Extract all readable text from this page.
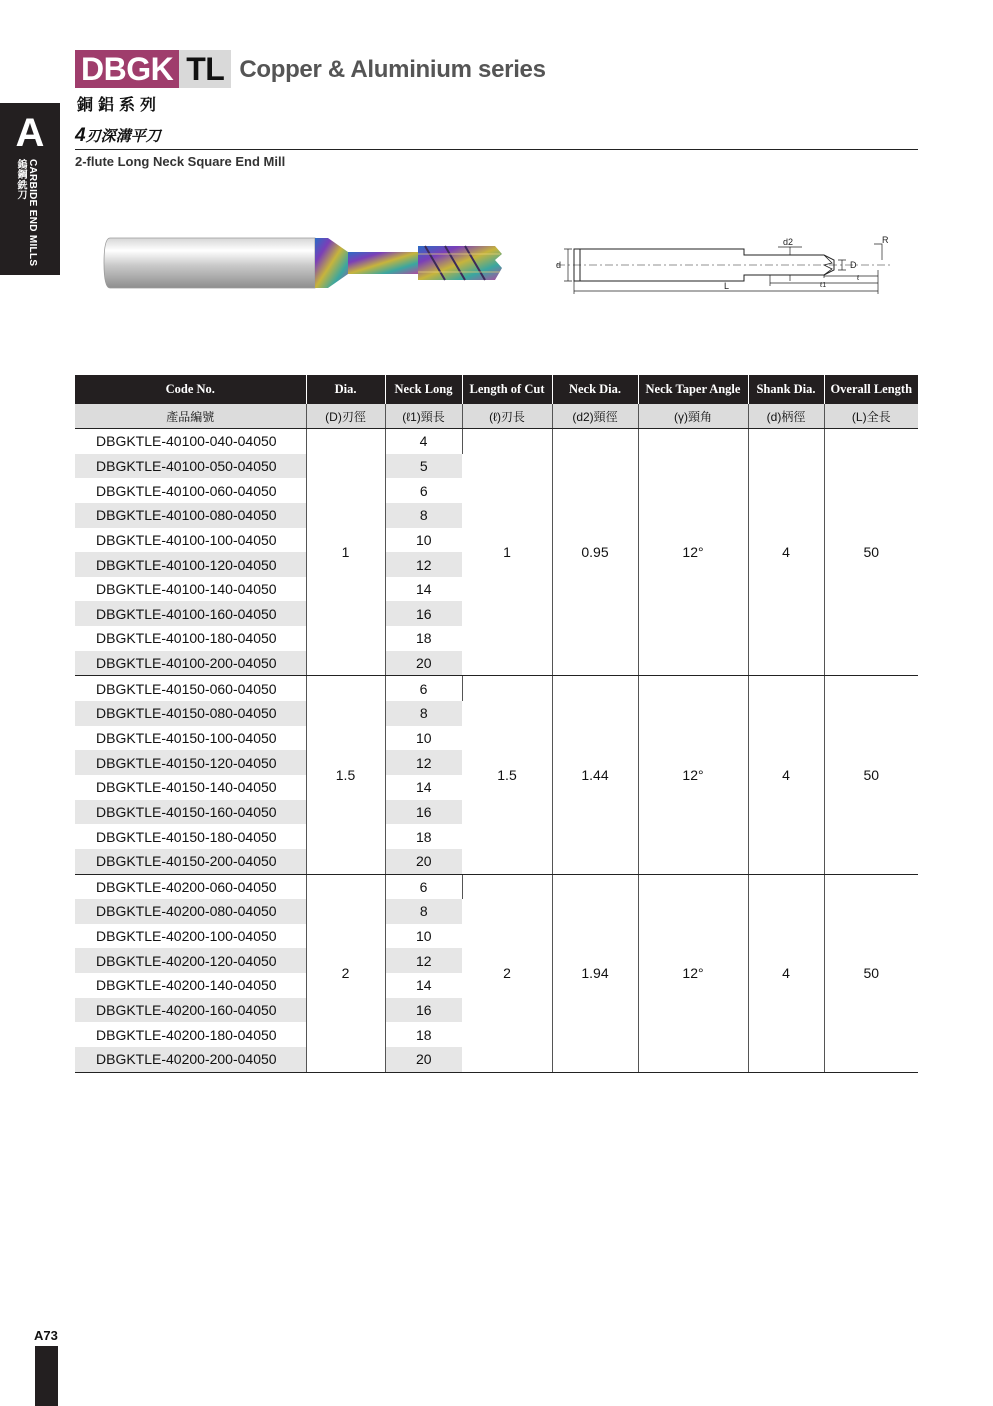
A
CARBIDE END MILLS
鎢鋼銑刀
DBGK TL Copper & Aluminium series
銅鋁系列
4刃深溝平刀
2-flute Long Neck Square End Mill
d
d2	R
D
L	ℓ1
ℓ
Code No.	Dia.	Neck Long	Length of Cut	Neck Dia.	Neck Taper Angle	Shank Dia.	Overall Length
產品編號	(D)刃徑	(ℓ1)頸長	(ℓ)刃長	(d2)頸徑	(γ)頸角	(d)柄徑	(L)全長
DBGKTLE-40100-040-04050	1	4	1	0.95	12°	4	50
DBGKTLE-40100-050-04050		5					
DBGKTLE-40100-060-04050		6					
DBGKTLE-40100-080-04050		8					
DBGKTLE-40100-100-04050		10					
DBGKTLE-40100-120-04050		12					
DBGKTLE-40100-140-04050		14					
DBGKTLE-40100-160-04050		16					
DBGKTLE-40100-180-04050		18					
DBGKTLE-40100-200-04050		20					
DBGKTLE-40150-060-04050	1.5	6	1.5	1.44	12°	4	50
DBGKTLE-40150-080-04050		8					
DBGKTLE-40150-100-04050		10					
DBGKTLE-40150-120-04050		12					
DBGKTLE-40150-140-04050		14					
DBGKTLE-40150-160-04050		16					
DBGKTLE-40150-180-04050		18					
DBGKTLE-40150-200-04050		20					
DBGKTLE-40200-060-04050	2	6	2	1.94	12°	4	50
DBGKTLE-40200-080-04050		8					
DBGKTLE-40200-100-04050		10					
DBGKTLE-40200-120-04050		12					
DBGKTLE-40200-140-04050		14					
DBGKTLE-40200-160-04050		16					
DBGKTLE-40200-180-04050		18					
DBGKTLE-40200-200-04050		20					
A73
